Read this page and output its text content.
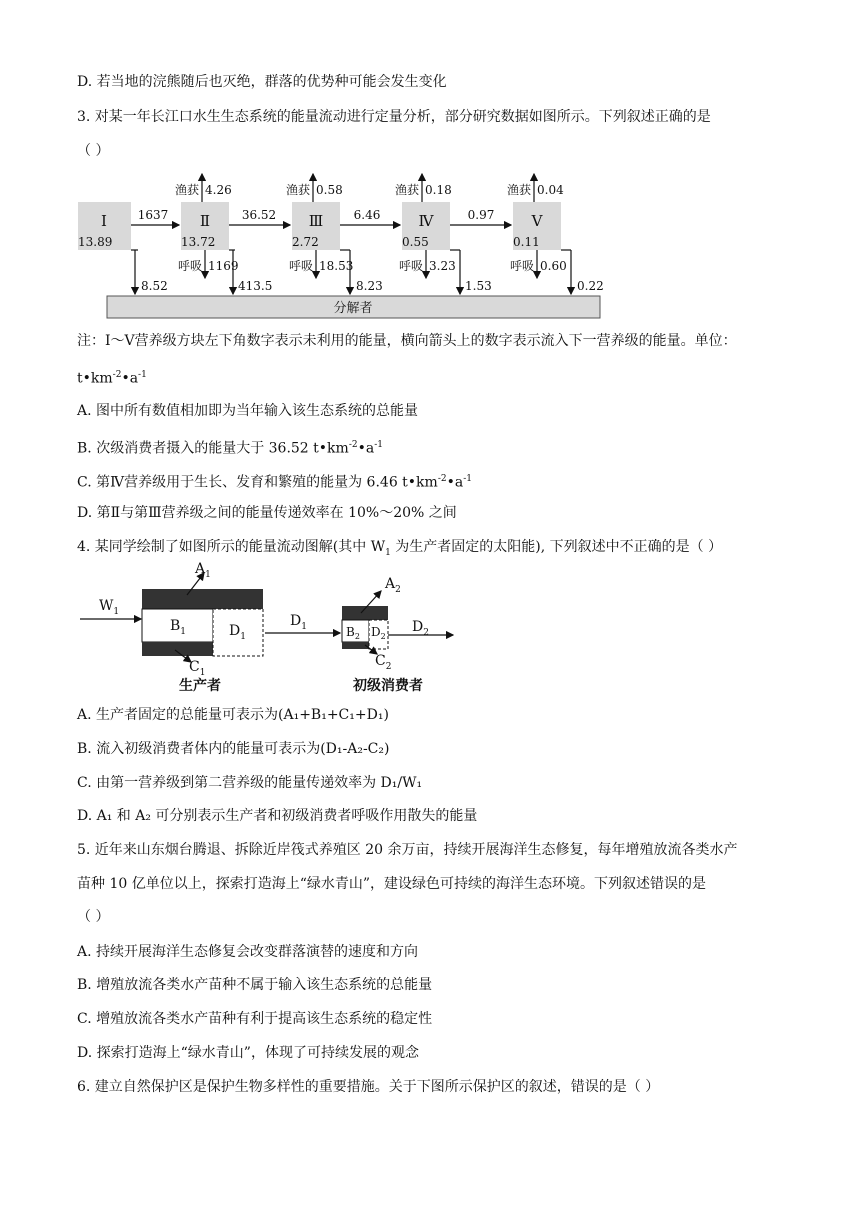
D. 若当地的浣熊随后也灭绝，群落的优势种可能会发生变化
3. 对某一年长江口水生生态系统的能量流动进行定量分析，部分研究数据如图所示。下列叙述正确的是
（ ）
分解者
Ⅰ
13.89
Ⅱ
13.72
Ⅲ
2.72
Ⅳ
0.55
Ⅴ
0.11
1637	36.52	6.46	0.97
渔获 4.26	渔获 0.58	渔获 0.18	渔获 0.04
呼吸 1169	呼吸 18.53	呼吸 3.23	呼吸 0.60
8.52	413.5	8.23	1.53	0.22
注：Ⅰ～Ⅴ营养级方块左下角数字表示未利用的能量，横向箭头上的数字表示流入下一营养级的能量。单位：
$t•km^{-2}•a^{-1}$
A. 图中所有数值相加即为当年输入该生态系统的总能量
B. 次级消费者摄入的能量大于 36.52 $t•km^{-2}•a^{-1}$
C. 第Ⅳ营养级用于生长、发育和繁殖的能量为 6.46 $t•km^{-2}•a^{-1}$
D. 第Ⅱ与第Ⅲ营养级之间的能量传递效率在 10%～20% 之间
4. 某同学绘制了如图所示的能量流动图解(其中 $W_1$ 为生产者固定的太阳能), 下列叙述中不正确的是（ ）
$W_1$
$B_1$	$D_1$
$A_1$
$C_1$
生产者
$D_1$	$B_2$ $D_2$
$A_2$
$C_2$
$D_2$
初级消费者
A. 生产者固定的总能量可表示为(A₁+B₁+C₁+D₁)
B. 流入初级消费者体内的能量可表示为(D₁-A₂-C₂)
C. 由第一营养级到第二营养级的能量传递效率为 D₁/W₁
D. A₁ 和 A₂ 可分别表示生产者和初级消费者呼吸作用散失的能量
5. 近年来山东烟台腾退、拆除近岸筏式养殖区 20 余万亩，持续开展海洋生态修复，每年增殖放流各类水产
苗种 10 亿单位以上，探索打造海上“绿水青山”，建设绿色可持续的海洋生态环境。下列叙述错误的是
（ ）
A. 持续开展海洋生态修复会改变群落演替的速度和方向
B. 增殖放流各类水产苗种不属于输入该生态系统的总能量
C. 增殖放流各类水产苗种有利于提高该生态系统的稳定性
D. 探索打造海上“绿水青山”，体现了可持续发展的观念
6. 建立自然保护区是保护生物多样性的重要措施。关于下图所示保护区的叙述，错误的是（ ）
